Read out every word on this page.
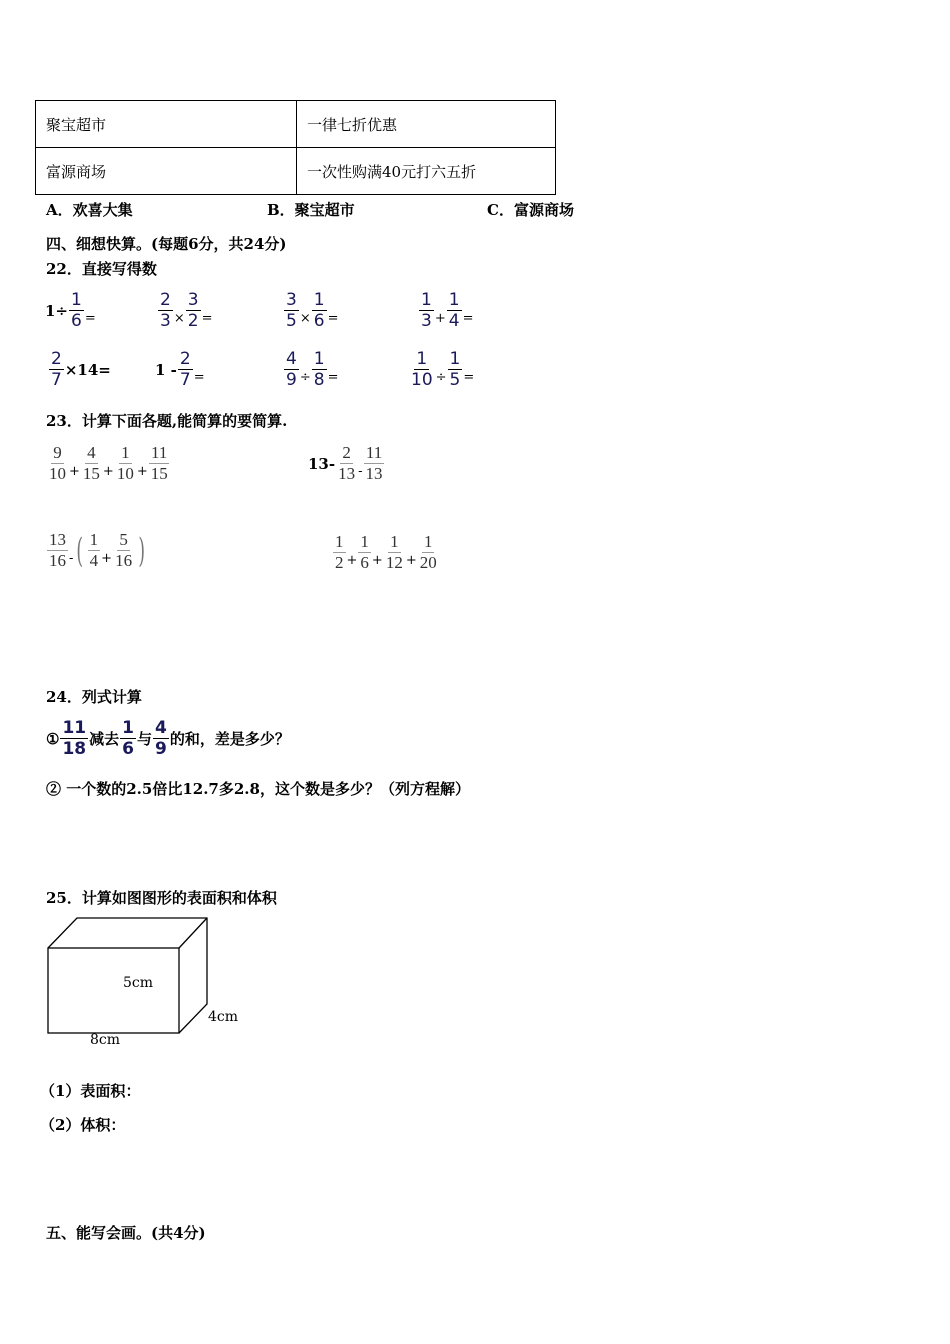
聚宝超市	一律七折优惠
富源商场	一次性购满40元打六五折
A．欢喜大集	B．聚宝超市	C．富源商场
四、细想快算。(每题6分，共24分)
22．直接写得数
$1\div \frac{1}{6}$ =	$\frac{2}{3} \times \frac{3}{2}$ =	$\frac{3}{5} \times \frac{1}{6}$ =	$\frac{1}{3} + \frac{1}{4}$ =
$\frac{2}{7} \times 14=$	$1 - \frac{2}{7}$ =	$\frac{4}{9} \div \frac{1}{8}$ =	$\frac{1}{10} \div \frac{1}{5}$ =
23．计算下面各题,能简算的要简算.
$\frac{9}{10} + \frac{4}{15} + \frac{1}{10} + \frac{11}{15}$	$13- \frac{2}{13} - \frac{11}{13}$
$\frac{13}{16}$ - ( $\frac{1}{4} + \frac{5}{16}$ )	$\frac{1}{2} + \frac{1}{6} + \frac{1}{12} + \frac{1}{20}$
24．列式计算
① $\frac{11}{18}$ 减去 $\frac{1}{6}$ 与 $\frac{4}{9}$ 的和，差是多少？
② 一个数的2.5倍比12.7多2.8，这个数是多少？（列方程解）
25．计算如图图形的表面积和体积
5cm
4cm
8cm
（1）表面积：
（2）体积：
五、能写会画。(共4分)
